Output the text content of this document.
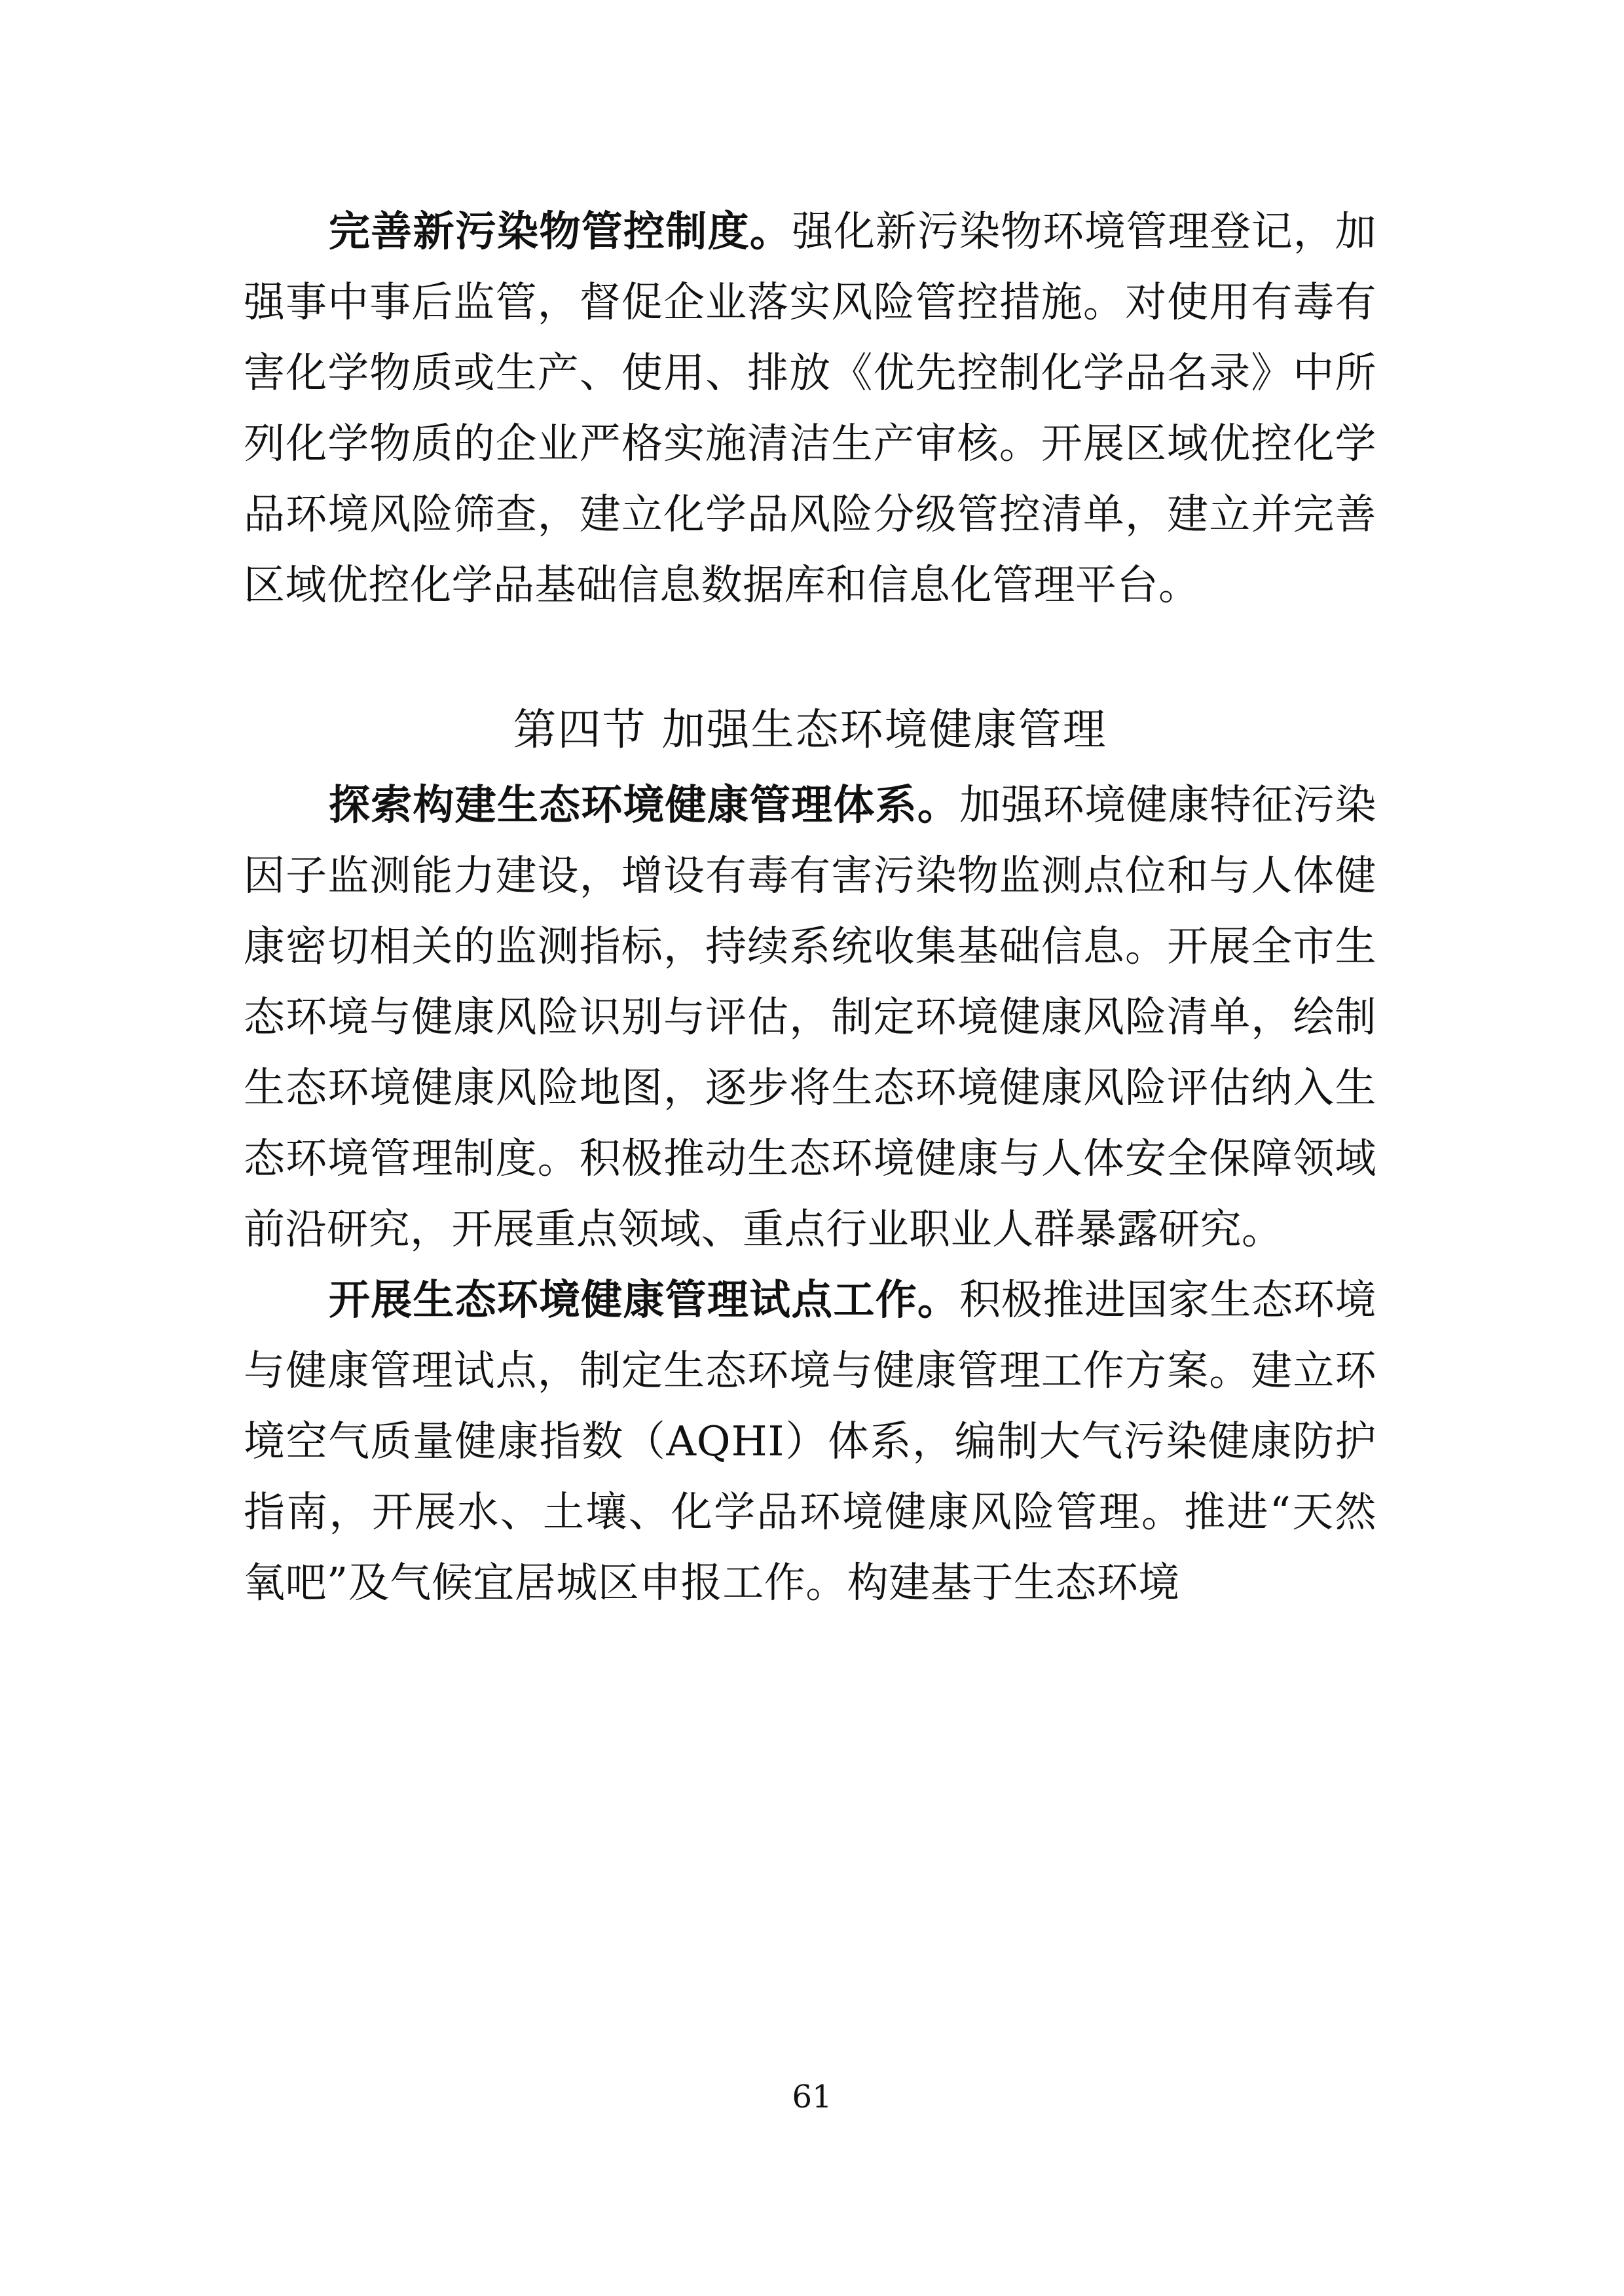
完善新污染物管控制度。强化新污染物环境管理登记，加强事中事后监管，督促企业落实风险管控措施。对使用有毒有害化学物质或生产、使用、排放《优先控制化学品名录》中所列化学物质的企业严格实施清洁生产审核。开展区域优控化学品环境风险筛查，建立化学品风险分级管控清单，建立并完善区域优控化学品基础信息数据库和信息化管理平台。

第四节 加强生态环境健康管理

探索构建生态环境健康管理体系。加强环境健康特征污染因子监测能力建设，增设有毒有害污染物监测点位和与人体健康密切相关的监测指标，持续系统收集基础信息。开展全市生态环境与健康风险识别与评估，制定环境健康风险清单，绘制生态环境健康风险地图，逐步将生态环境健康风险评估纳入生态环境管理制度。积极推动生态环境健康与人体安全保障领域前沿研究，开展重点领域、重点行业职业人群暴露研究。

开展生态环境健康管理试点工作。积极推进国家生态环境与健康管理试点，制定生态环境与健康管理工作方案。建立环境空气质量健康指数（AQHI）体系，编制大气污染健康防护指南，开展水、土壤、化学品环境健康风险管理。推进“天然氧吧”及气候宜居城区申报工作。构建基于生态环境

61
